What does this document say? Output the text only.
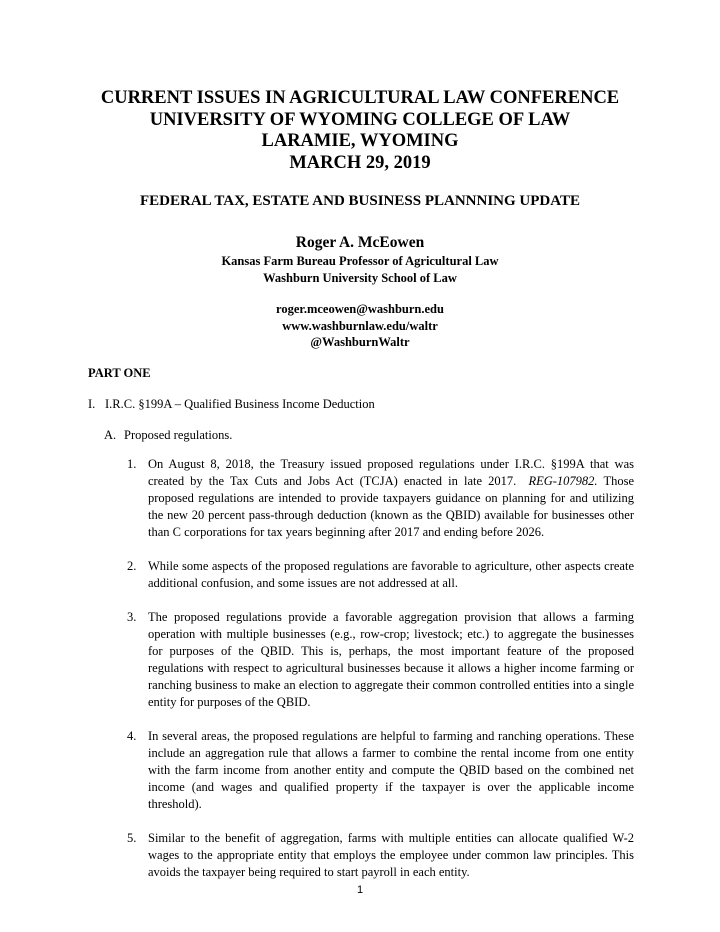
CURRENT ISSUES IN AGRICULTURAL LAW CONFERENCE
UNIVERSITY OF WYOMING COLLEGE OF LAW
LARAMIE, WYOMING
MARCH 29, 2019
FEDERAL TAX, ESTATE AND BUSINESS PLANNNING UPDATE
Roger A. McEowen
Kansas Farm Bureau Professor of Agricultural Law
Washburn University School of Law
roger.mceowen@washburn.edu
www.washburnlaw.edu/waltr
@WashburnWaltr
PART ONE
I. I.R.C. §199A – Qualified Business Income Deduction
A. Proposed regulations.
1. On August 8, 2018, the Treasury issued proposed regulations under I.R.C. §199A that was created by the Tax Cuts and Jobs Act (TCJA) enacted in late 2017. REG-107982. Those proposed regulations are intended to provide taxpayers guidance on planning for and utilizing the new 20 percent pass-through deduction (known as the QBID) available for businesses other than C corporations for tax years beginning after 2017 and ending before 2026.
2. While some aspects of the proposed regulations are favorable to agriculture, other aspects create additional confusion, and some issues are not addressed at all.
3. The proposed regulations provide a favorable aggregation provision that allows a farming operation with multiple businesses (e.g., row-crop; livestock; etc.) to aggregate the businesses for purposes of the QBID. This is, perhaps, the most important feature of the proposed regulations with respect to agricultural businesses because it allows a higher income farming or ranching business to make an election to aggregate their common controlled entities into a single entity for purposes of the QBID.
4. In several areas, the proposed regulations are helpful to farming and ranching operations. These include an aggregation rule that allows a farmer to combine the rental income from one entity with the farm income from another entity and compute the QBID based on the combined net income (and wages and qualified property if the taxpayer is over the applicable income threshold).
5. Similar to the benefit of aggregation, farms with multiple entities can allocate qualified W-2 wages to the appropriate entity that employs the employee under common law principles. This avoids the taxpayer being required to start payroll in each entity.
1
